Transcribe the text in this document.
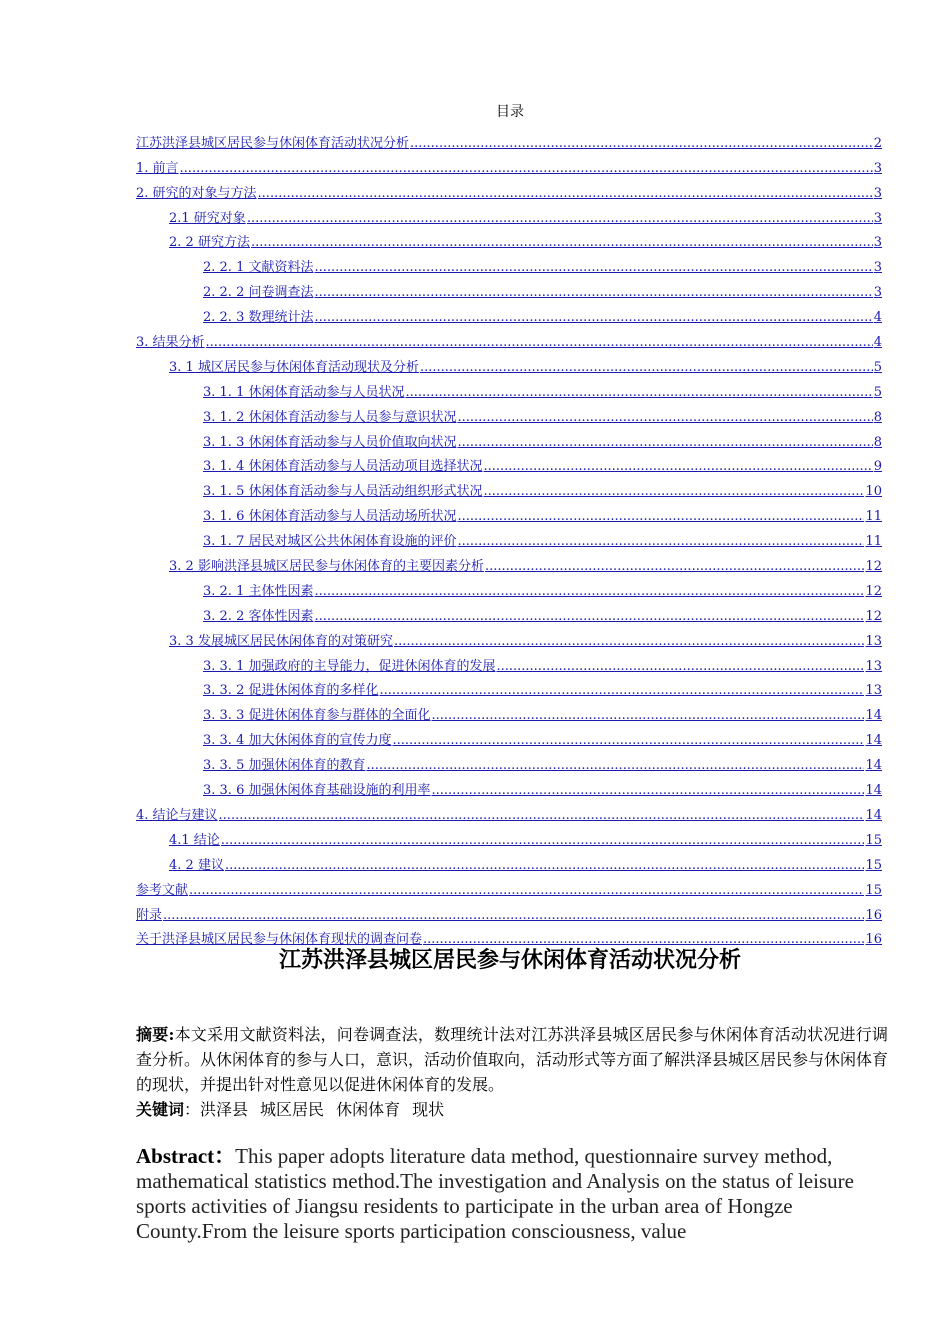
目录
江苏洪泽县城区居民参与休闲体育活动状况分析 .....	2
1. 前言 .....	3
2. 研究的对象与方法 .....	3
2.1 研究对象 .....	3
2. 2 研究方法 .....	3
2. 2. 1 文献资料法 .....	3
2. 2. 2 问卷调查法 .....	3
2. 2. 3 数理统计法 .....	4
3. 结果分析 .....	4
3. 1 城区居民参与休闲体育活动现状及分析 .....	5
3. 1. 1 休闲体育活动参与人员状况 .....	5
3. 1. 2 休闲体育活动参与人员参与意识状况 .....	8
3. 1. 3 休闲体育活动参与人员价值取向状况 .....	8
3. 1. 4 休闲体育活动参与人员活动项目选择状况 .....	9
3. 1. 5 休闲体育活动参与人员活动组织形式状况 .....	10
3. 1. 6 休闲体育活动参与人员活动场所状况 .....	11
3. 1. 7 居民对城区公共休闲体育设施的评价 .....	11
3. 2 影响洪泽县城区居民参与休闲体育的主要因素分析 .....	12
3. 2. 1 主体性因素 .....	12
3. 2. 2 客体性因素 .....	12
3. 3 发展城区居民休闲体育的对策研究 .....	13
3. 3. 1 加强政府的主导能力，促进休闲体育的发展 .....	13
3. 3. 2 促进休闲体育的多样化 .....	13
3. 3. 3 促进休闲体育参与群体的全面化 .....	14
3. 3. 4 加大休闲体育的宣传力度 .....	14
3. 3. 5 加强休闲体育的教育 .....	14
3. 3. 6 加强休闲体育基础设施的利用率 .....	14
4. 结论与建议 .....	14
4.1 结论 .....	15
4. 2 建议 .....	15
参考文献 .....	15
附录 .....	16
关于洪泽县城区居民参与休闲体育现状的调查问卷 .....	16
江苏洪泽县城区居民参与休闲体育活动状况分析
摘要:本文采用文献资料法，问卷调查法，数理统计法对江苏洪泽县城区居民参与休闲体育活动状况进行调查分析。从休闲体育的参与人口，意识，活动价值取向，活动形式等方面了解洪泽县城区居民参与休闲体育的现状，并提出针对性意见以促进休闲体育的发展。
关键词：洪泽县 城区居民 休闲体育 现状
Abstract：This paper adopts literature data method, questionnaire survey method, mathematical statistics method.The investigation and Analysis on the status of leisure sports activities of Jiangsu residents to participate in the urban area of Hongze County.From the leisure sports participation consciousness, value
